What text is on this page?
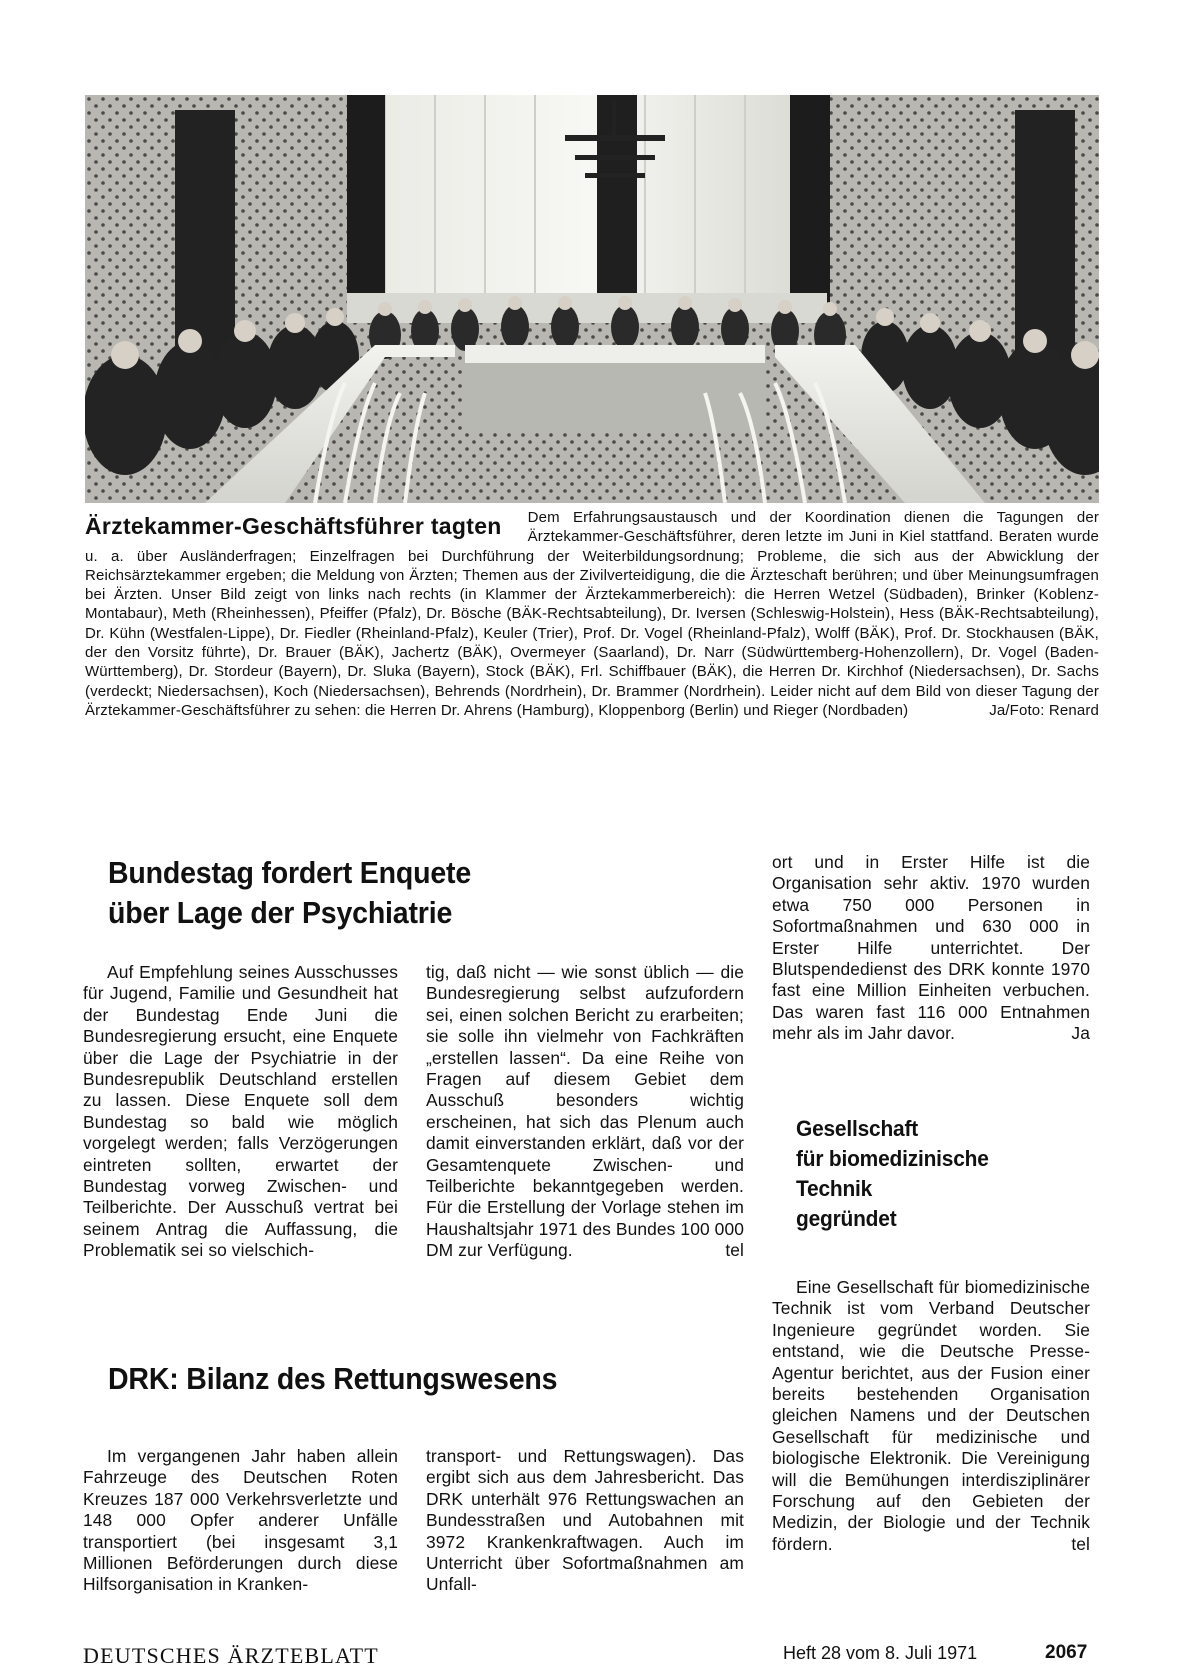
Ärztekammer-Geschäftsführer tagten Dem Erfahrungsaustausch und der Koordination dienen die Tagungen der Ärztekammer-Geschäftsführer, deren letzte im Juni in Kiel stattfand. Beraten wurde u. a. über Ausländerfragen; Einzelfragen bei Durchführung der Weiterbildungsordnung; Probleme, die sich aus der Abwicklung der Reichsärztekammer ergeben; die Meldung von Ärzten; Themen aus der Zivilverteidigung, die die Ärzteschaft berühren; und über Meinungsumfragen bei Ärzten. Unser Bild zeigt von links nach rechts (in Klammer der Ärztekammerbereich): die Herren Wetzel (Südbaden), Brinker (Koblenz-Montabaur), Meth (Rheinhessen), Pfeiffer (Pfalz), Dr. Bösche (BÄK-Rechtsabteilung), Dr. Iversen (Schleswig-Holstein), Hess (BÄK-Rechtsabteilung), Dr. Kühn (Westfalen-Lippe), Dr. Fiedler (Rheinland-Pfalz), Keuler (Trier), Prof. Dr. Vogel (Rheinland-Pfalz), Wolff (BÄK), Prof. Dr. Stockhausen (BÄK, der den Vorsitz führte), Dr. Brauer (BÄK), Jachertz (BÄK), Overmeyer (Saarland), Dr. Narr (Südwürttemberg-Hohenzollern), Dr. Vogel (Baden-Württemberg), Dr. Stordeur (Bayern), Dr. Sluka (Bayern), Stock (BÄK), Frl. Schiffbauer (BÄK), die Herren Dr. Kirchhof (Niedersachsen), Dr. Sachs (verdeckt; Niedersachsen), Koch (Niedersachsen), Behrends (Nordrhein), Dr. Brammer (Nordrhein). Leider nicht auf dem Bild von dieser Tagung der Ärztekammer-Geschäftsführer zu sehen: die Herren Dr. Ahrens (Hamburg), Kloppenborg (Berlin) und Rieger (Nordbaden)	Ja/Foto: Renard
Bundestag fordert Enquete
über Lage der Psychiatrie

Auf Empfehlung seines Ausschusses für Jugend, Familie und Gesundheit hat der Bundestag Ende Juni die Bundesregierung ersucht, eine Enquete über die Lage der Psychiatrie in der Bundesrepublik Deutschland erstellen zu lassen. Diese Enquete soll dem Bundestag so bald wie möglich vorgelegt werden; falls Verzögerungen eintreten sollten, erwartet der Bundestag vorweg Zwischen- und Teilberichte. Der Ausschuß vertrat bei seinem Antrag die Auffassung, die Problematik sei so vielschich-

tig, daß nicht — wie sonst üblich — die Bundesregierung selbst aufzufordern sei, einen solchen Bericht zu erarbeiten; sie solle ihn vielmehr von Fachkräften „erstellen lassen“. Da eine Reihe von Fragen auf diesem Gebiet dem Ausschuß besonders wichtig erscheinen, hat sich das Plenum auch damit einverstanden erklärt, daß vor der Gesamtenquete Zwischen- und Teilberichte bekanntgegeben werden. Für die Erstellung der Vorlage stehen im Haushaltsjahr 1971 des Bundes 100 000 DM zur Verfügung.	tel

DRK: Bilanz des Rettungswesens

Im vergangenen Jahr haben allein Fahrzeuge des Deutschen Roten Kreuzes 187 000 Verkehrsverletzte und 148 000 Opfer anderer Unfälle transportiert (bei insgesamt 3,1 Millionen Beförderungen durch diese Hilfsorganisation in Kranken-

transport- und Rettungswagen). Das ergibt sich aus dem Jahresbericht. Das DRK unterhält 976 Rettungswachen an Bundesstraßen und Autobahnen mit 3972 Krankenkraftwagen. Auch im Unterricht über Sofortmaßnahmen am Unfall-

ort und in Erster Hilfe ist die Organisation sehr aktiv. 1970 wurden etwa 750 000 Personen in Sofortmaßnahmen und 630 000 in Erster Hilfe unterrichtet. Der Blutspendedienst des DRK konnte 1970 fast eine Million Einheiten verbuchen. Das waren fast 116 000 Entnahmen mehr als im Jahr davor.	Ja

Gesellschaft
für biomedizinische
Technik
gegründet

Eine Gesellschaft für biomedizinische Technik ist vom Verband Deutscher Ingenieure gegründet worden. Sie entstand, wie die Deutsche Presse-Agentur berichtet, aus der Fusion einer bereits bestehenden Organisation gleichen Namens und der Deutschen Gesellschaft für medizinische und biologische Elektronik. Die Vereinigung will die Bemühungen interdisziplinärer Forschung auf den Gebieten der Medizin, der Biologie und der Technik fördern.	tel

DEUTSCHES ÄRZTEBLATT	Heft 28 vom 8. Juli 1971	2067
